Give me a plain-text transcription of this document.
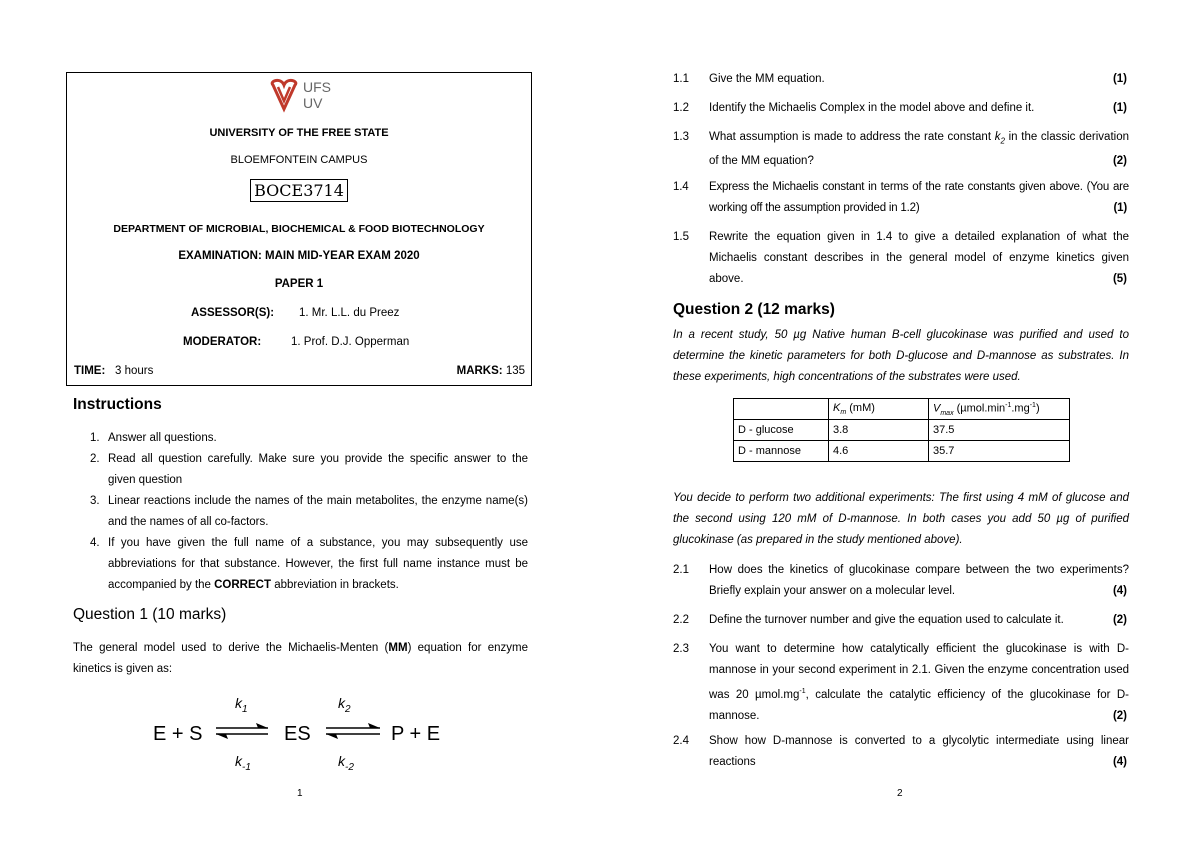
UFS
UV
UNIVERSITY OF THE FREE STATE
BLOEMFONTEIN CAMPUS
BOCE3714
DEPARTMENT OF MICROBIAL, BIOCHEMICAL & FOOD BIOTECHNOLOGY
EXAMINATION: MAIN MID-YEAR EXAM 2020
PAPER 1
ASSESSOR(S): 1. Mr. L.L. du Preez
MODERATOR:	1. Prof. D.J. Opperman
TIME: 3 hours	MARKS: 135
Instructions
1. Answer all questions.
2. Read all question carefully. Make sure you provide the specific answer to the given question
3. Linear reactions include the names of the main metabolites, the enzyme name(s) and the names of all co-factors.
4. If you have given the full name of a substance, you may subsequently use abbreviations for that substance. However, the first full name instance must be accompanied by the CORRECT abbreviation in brackets.
Question 1 (10 marks)
The general model used to derive the Michaelis-Menten (MM) equation for enzyme kinetics is given as:
E + S	ES	P + E
$k_1$
$k_{-1}$
$k_2$
$k_{-2}$
1
1.1 Give the MM equation.	(1)
1.2 Identify the Michaelis Complex in the model above and define it.	(1)
1.3 What assumption is made to address the rate constant $k_2$ in the classic derivation of the MM equation?	(2)
1.4 Express the Michaelis constant in terms of the rate constants given above. (You are working off the assumption provided in 1.2)	(1)
1.5 Rewrite the equation given in 1.4 to give a detailed explanation of what the Michaelis constant describes in the general model of enzyme kinetics given above.	(5)
Question 2 (12 marks)
In a recent study, 50 µg Native human B-cell glucokinase was purified and used to determine the kinetic parameters for both D-glucose and D-mannose as substrates. In these experiments, high concentrations of the substrates were used.
	$K_m$ (mM)	$V_{max}$ $(\mu mol.\min^{-1}.mg^{-1})$
D - glucose	3.8	37.5
D - mannose	4.6	35.7
You decide to perform two additional experiments: The first using 4 mM of glucose and the second using 120 mM of D-mannose. In both cases you add 50 µg of purified glucokinase (as prepared in the study mentioned above).
2.1 How does the kinetics of glucokinase compare between the two experiments? Briefly explain your answer on a molecular level.	(4)
2.2 Define the turnover number and give the equation used to calculate it.	(2)
2.3 You want to determine how catalytically efficient the glucokinase is with D-mannose in your second experiment in 2.1. Given the enzyme concentration used was 20 $\mu mol.mg^{-1}$, calculate the catalytic efficiency of the glucokinase for D-mannose.	(2)
2.4 Show how D-mannose is converted to a glycolytic intermediate using linear reactions	(4)
2
